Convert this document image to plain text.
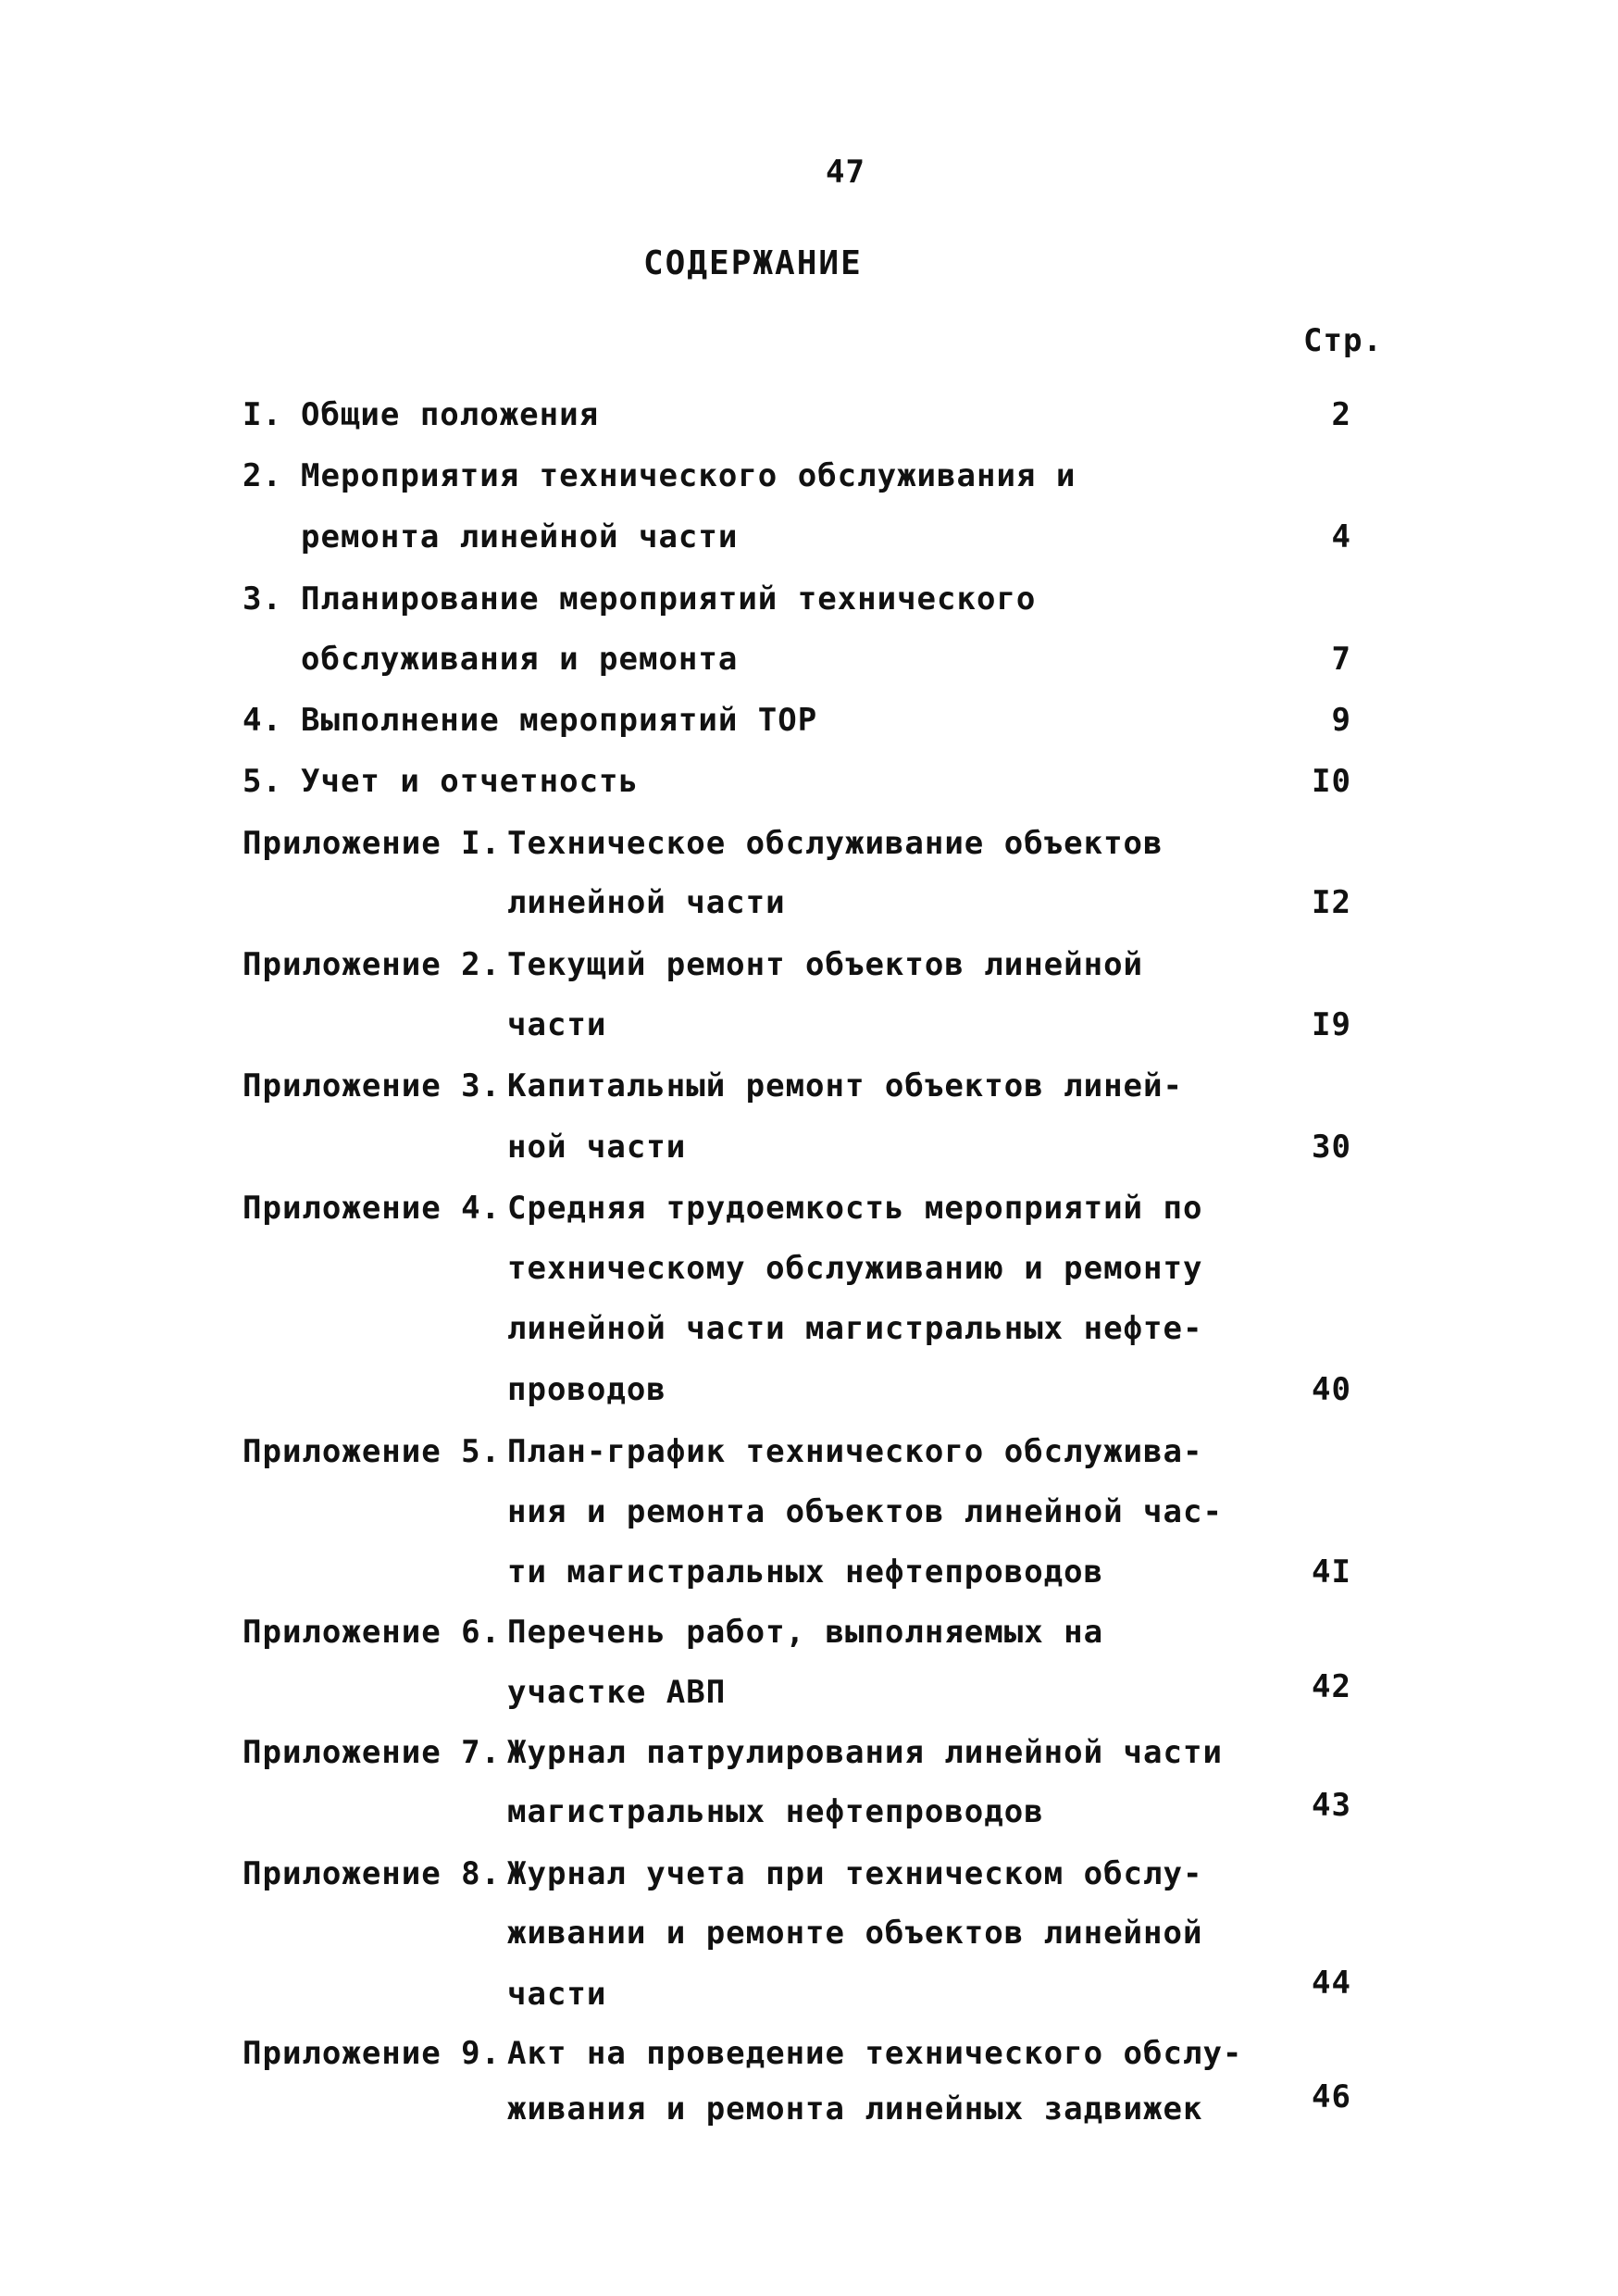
47
СОДЕРЖАНИЕ
Стр.
I. Общие положения	2
2. Мероприятия технического обслуживания и
ремонта линейной части	4
3. Планирование мероприятий технического
обслуживания и ремонта	7
4. Выполнение мероприятий ТОР	9
5. Учет и отчетность	I0
Приложение I. Техническое обслуживание объектов
линейной части	I2
Приложение 2. Текущий ремонт объектов линейной
части	I9
Приложение 3. Капитальный ремонт объектов линей-
ной части	30
Приложение 4. Средняя трудоемкость мероприятий по
техническому обслуживанию и ремонту
линейной части магистральных нефте-
проводов	40
Приложение 5. План-график технического обслужива-
ния и ремонта объектов линейной час-
ти магистральных нефтепроводов	4I
Приложение 6. Перечень работ, выполняемых на
участке АВП	42
Приложение 7. Журнал патрулирования линейной части
магистральных нефтепроводов	43
Приложение 8. Журнал учета при техническом обслу-
живании и ремонте объектов линейной
части	44
Приложение 9. Акт на проведение технического обслу-
живания и ремонта линейных задвижек	46
